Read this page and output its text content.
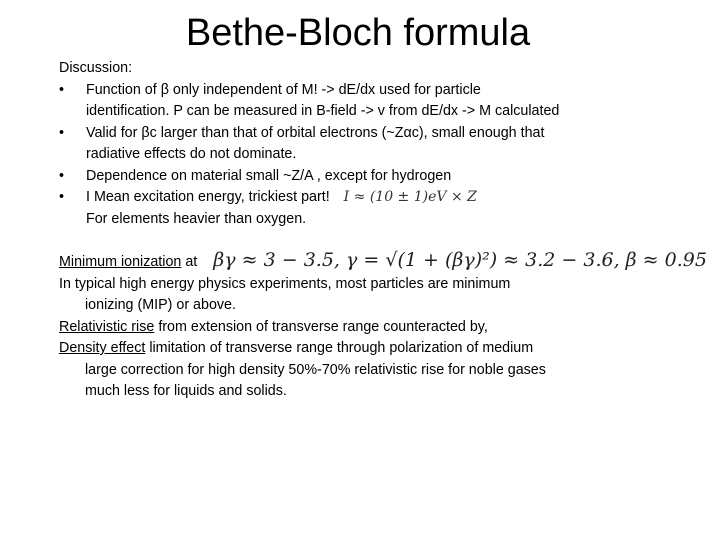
Bethe-Bloch formula
Discussion:
•	Function of β only independent of M! -> dE/dx used for particle
identification. P can be measured in B-field -> v from dE/dx -> M calculated
•	Valid for βc larger than that of orbital electrons (~Zαc), small enough that
radiative effects do not dominate.
•	Dependence on material small ~Z/A , except for hydrogen
•	I Mean excitation energy, trickiest part! I ≈ (10 ± 1)eV × Z
For elements heavier than oxygen.
Minimum ionization at βγ ≈ 3 − 3.5, γ = √(1 + (βγ)²) ≈ 3.2 − 3.6, β ≈ 0.95
In typical high energy physics experiments, most particles are minimum
ionizing (MIP) or above.
Relativistic rise from extension of transverse range counteracted by,
Density effect limitation of transverse range through polarization of medium
large correction for high density 50%-70% relativistic rise for noble gases
much less for liquids and solids.
